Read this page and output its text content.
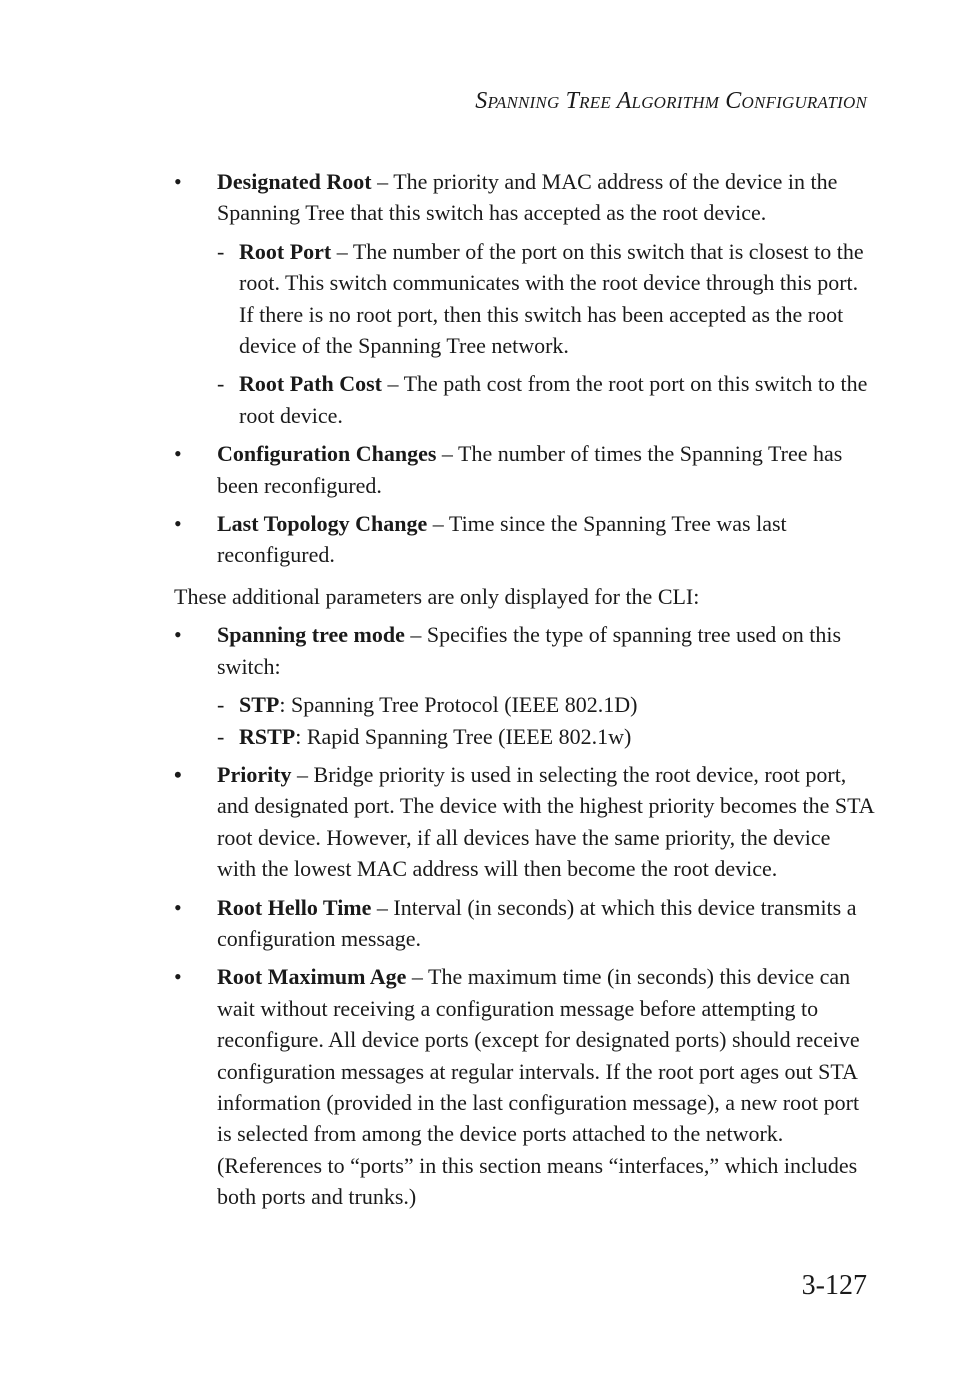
Spanning Tree Algorithm Configuration
•	Designated Root – The priority and MAC address of the device in the Spanning Tree that this switch has accepted as the root device.
- Root Port – The number of the port on this switch that is closest to the root. This switch communicates with the root device through this port. If there is no root port, then this switch has been accepted as the root device of the Spanning Tree network.
- Root Path Cost – The path cost from the root port on this switch to the root device.
•	Configuration Changes – The number of times the Spanning Tree has been reconfigured.
•	Last Topology Change – Time since the Spanning Tree was last reconfigured.
These additional parameters are only displayed for the CLI:
•	Spanning tree mode – Specifies the type of spanning tree used on this switch:
- STP: Spanning Tree Protocol (IEEE 802.1D)
- RSTP: Rapid Spanning Tree (IEEE 802.1w)
•	Priority – Bridge priority is used in selecting the root device, root port, and designated port. The device with the highest priority becomes the STA root device. However, if all devices have the same priority, the device with the lowest MAC address will then become the root device.
•	Root Hello Time – Interval (in seconds) at which this device transmits a configuration message.
•	Root Maximum Age – The maximum time (in seconds) this device can wait without receiving a configuration message before attempting to reconfigure. All device ports (except for designated ports) should receive configuration messages at regular intervals. If the root port ages out STA information (provided in the last configuration message), a new root port is selected from among the device ports attached to the network. (References to “ports” in this section means “interfaces,” which includes both ports and trunks.)
3-127
